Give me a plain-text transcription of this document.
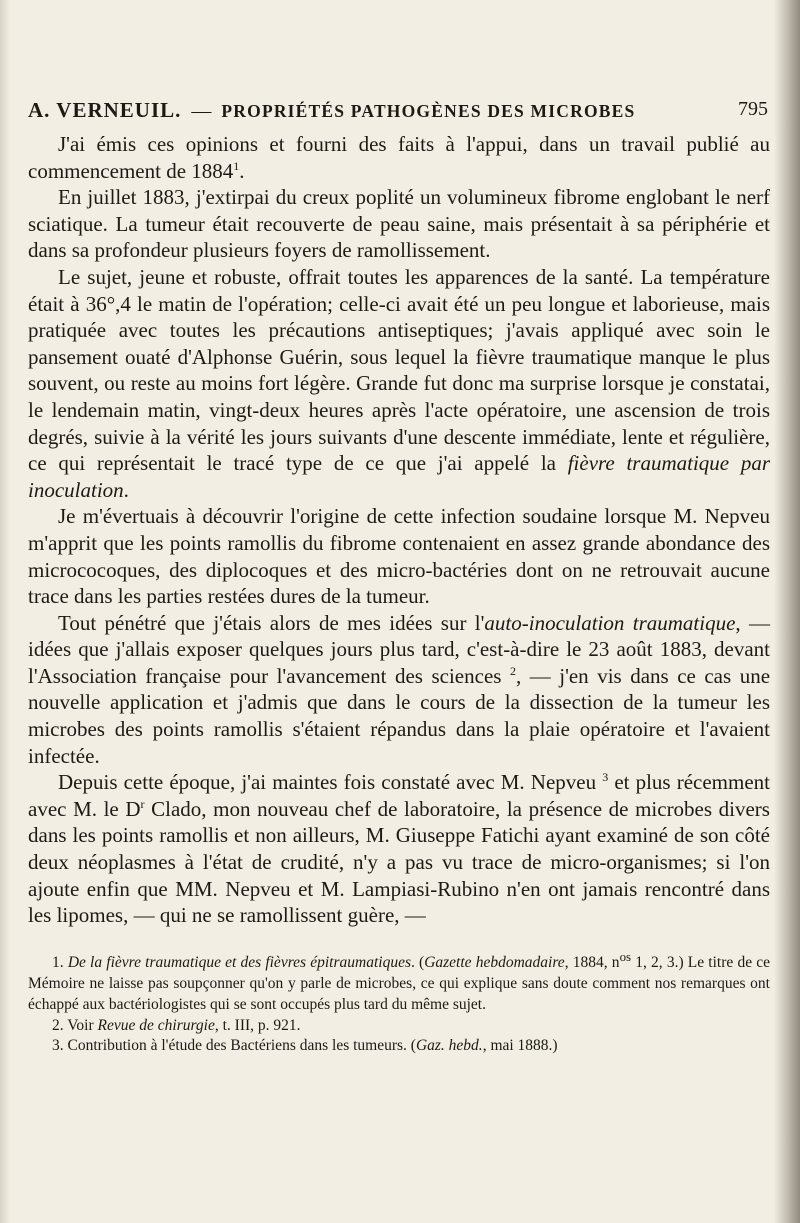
A. VERNEUIL. — PROPRIÉTÉS PATHOGÈNES DES MICROBES	795

J'ai émis ces opinions et fourni des faits à l'appui, dans un travail publié au commencement de 1884$^1$.

En juillet 1883, j'extirpai du creux poplité un volumineux fibrome englobant le nerf sciatique. La tumeur était recouverte de peau saine, mais présentait à sa périphérie et dans sa profondeur plusieurs foyers de ramollissement.

Le sujet, jeune et robuste, offrait toutes les apparences de la santé. La température était à 36°,4 le matin de l'opération; celle-ci avait été un peu longue et laborieuse, mais pratiquée avec toutes les précautions antiseptiques; j'avais appliqué avec soin le pansement ouaté d'Alphonse Guérin, sous lequel la fièvre traumatique manque le plus souvent, ou reste au moins fort légère. Grande fut donc ma surprise lorsque je constatai, le lendemain matin, vingt-deux heures après l'acte opératoire, une ascension de trois degrés, suivie à la vérité les jours suivants d'une descente immédiate, lente et régulière, ce qui représentait le tracé type de ce que j'ai appelé la fièvre traumatique par inoculation.

Je m'évertuais à découvrir l'origine de cette infection soudaine lorsque M. Nepveu m'apprit que les points ramollis du fibrome contenaient en assez grande abondance des micrococoques, des diplocoques et des micro-bactéries dont on ne retrouvait aucune trace dans les parties restées dures de la tumeur.

Tout pénétré que j'étais alors de mes idées sur l'auto-inoculation traumatique, — idées que j'allais exposer quelques jours plus tard, c'est-à-dire le 23 août 1883, devant l'Association française pour l'avancement des sciences $^2$, — j'en vis dans ce cas une nouvelle application et j'admis que dans le cours de la dissection de la tumeur les microbes des points ramollis s'étaient répandus dans la plaie opératoire et l'avaient infectée.

Depuis cette époque, j'ai maintes fois constaté avec M. Nepveu $^3$ et plus récemment avec M. le $D^r$ Clado, mon nouveau chef de laboratoire, la présence de microbes divers dans les points ramollis et non ailleurs, M. Giuseppe Fatichi ayant examiné de son côté deux néoplasmes à l'état de crudité, n'y a pas vu trace de micro-organismes; si l'on ajoute enfin que MM. Nepveu et M. Lampiasi-Rubino n'en ont jamais rencontré dans les lipomes, — qui ne se ramollissent guère, —

1. De la fièvre traumatique et des fièvres épitraumatiques. (Gazette hebdomadaire, 1884, $n^{os}$ 1, 2, 3.) Le titre de ce Mémoire ne laisse pas soupçonner qu'on y parle de microbes, ce qui explique sans doute comment nos remarques ont échappé aux bactériologistes qui se sont occupés plus tard du même sujet.

2. Voir Revue de chirurgie, t. III, p. 921.

3. Contribution à l'étude des Bactériens dans les tumeurs. (Gaz. hebd., mai 1888.)
